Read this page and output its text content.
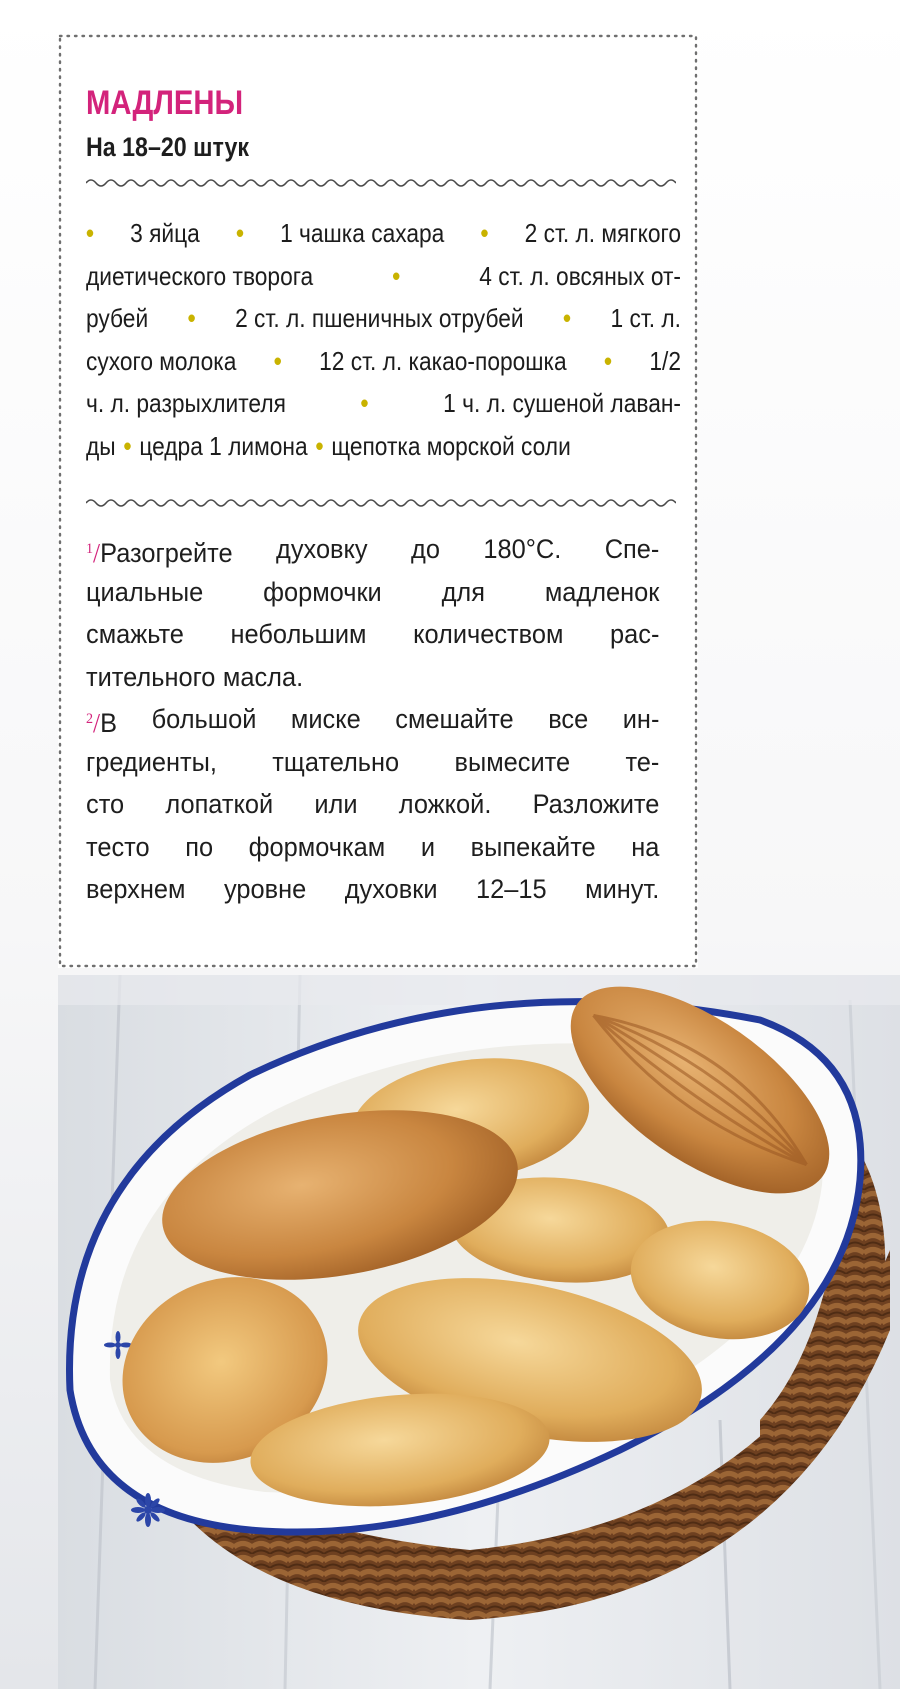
МАДЛЕНЫ
На 18–20 штук
• 3 яйца • 1 чашка сахара • 2 ст. л. мягкого
диетического творога	•	4 ст. л. овсяных от-
рубей • 2 ст. л. пшеничных отрубей • 1 ст. л.
сухого молока • 12 ст. л. какао-порошка • 1/2
ч. л. разрыхлителя	•	1 ч. л. сушеной лаван-
ды • цедра 1 лимона • щепотка морской соли
$^1$/Разогрейте духовку до 180°С. Спе-
циальные формочки для мадленок
смажьте небольшим количеством рас-
тительного масла.
$^2$/В большой миске смешайте все ин-
гредиенты, тщательно вымесите те-
сто лопаткой или ложкой. Разложите
тесто по формочкам и выпекайте на
верхнем уровне духовки 12–15 минут.
